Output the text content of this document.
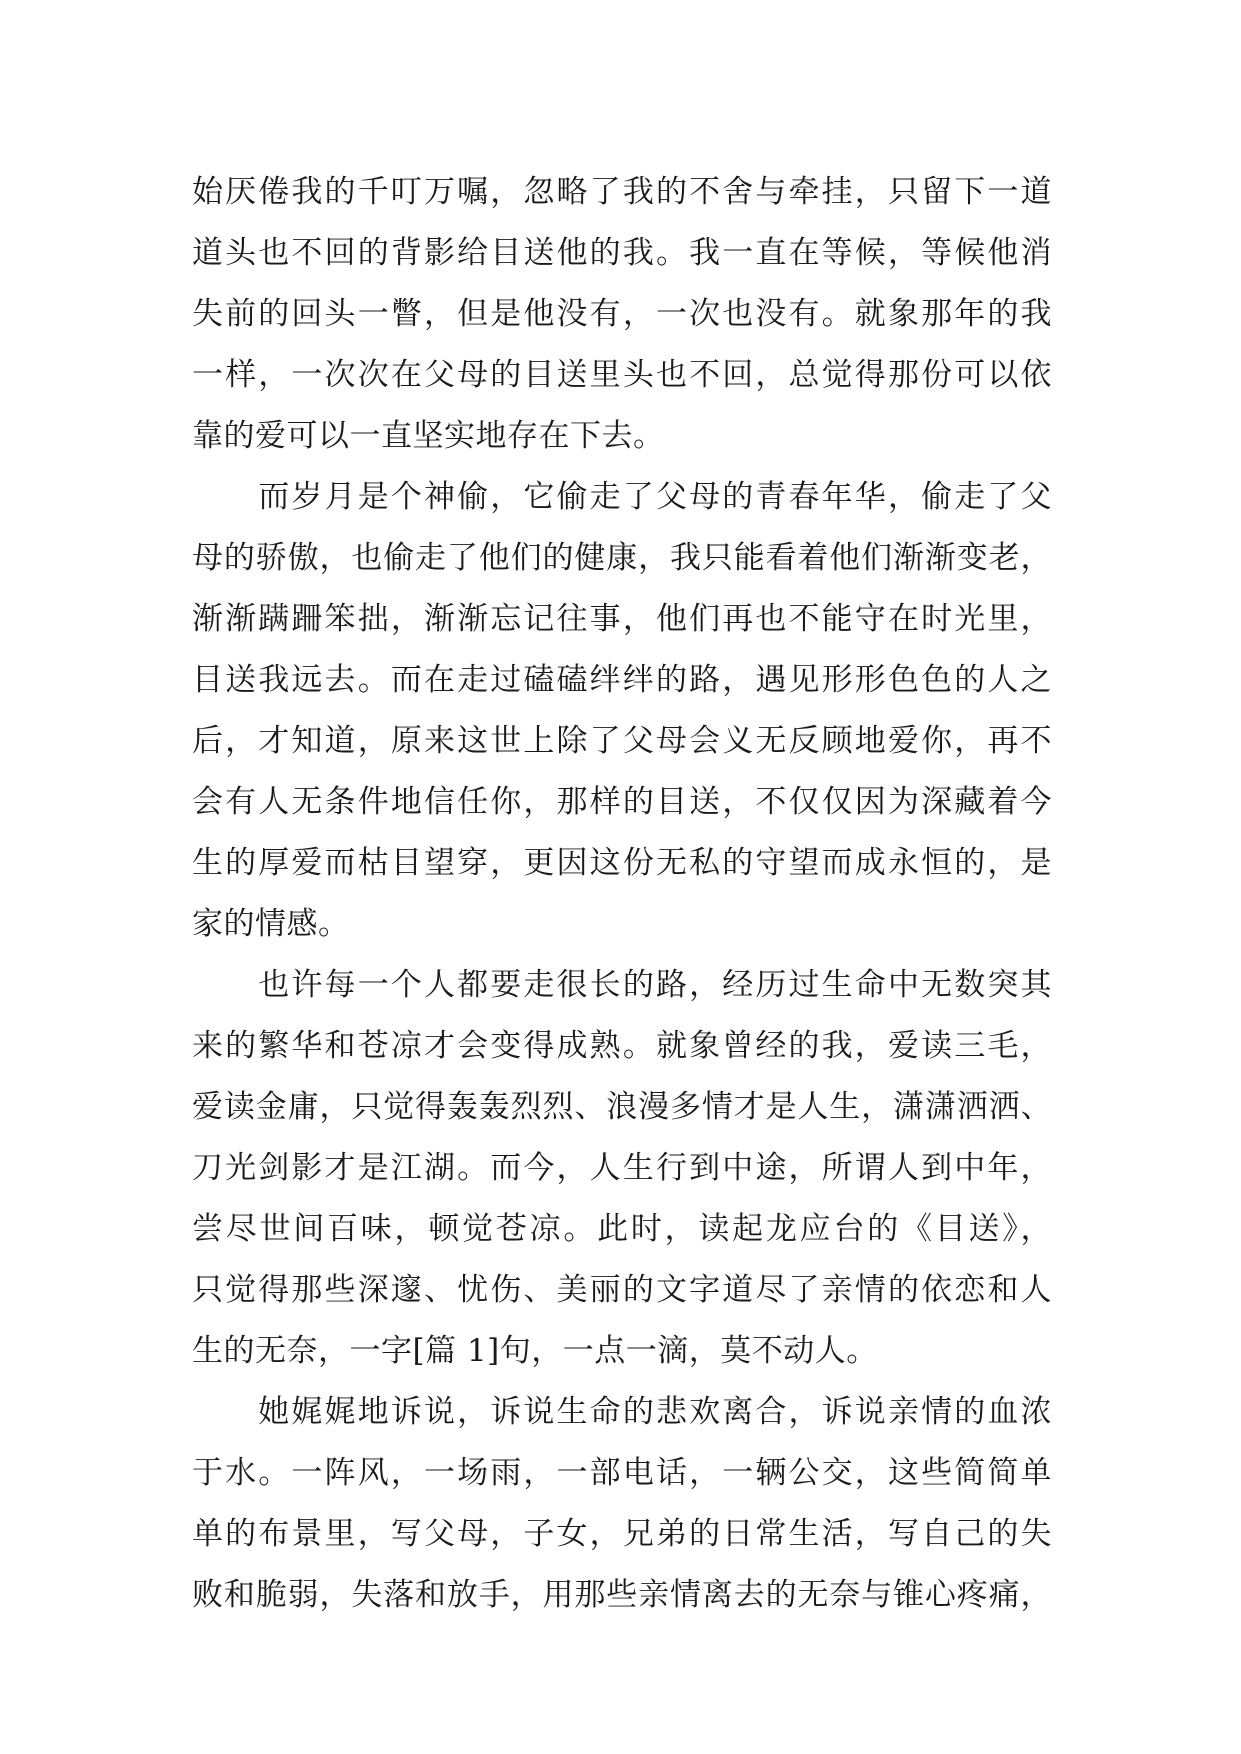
始厌倦我的千叮万嘱，忽略了我的不舍与牵挂，只留下一道
道头也不回的背影给目送他的我。我一直在等候，等候他消
失前的回头一瞥，但是他没有，一次也没有。就象那年的我
一样，一次次在父母的目送里头也不回，总觉得那份可以依
靠的爱可以一直坚实地存在下去。
　　而岁月是个神偷，它偷走了父母的青春年华，偷走了父
母的骄傲，也偷走了他们的健康，我只能看着他们渐渐变老，
渐渐蹒跚笨拙，渐渐忘记往事，他们再也不能守在时光里，
目送我远去。而在走过磕磕绊绊的路，遇见形形色色的人之
后，才知道，原来这世上除了父母会义无反顾地爱你，再不
会有人无条件地信任你，那样的目送，不仅仅因为深藏着今
生的厚爱而枯目望穿，更因这份无私的守望而成永恒的，是
家的情感。
　　也许每一个人都要走很长的路，经历过生命中无数突其
来的繁华和苍凉才会变得成熟。就象曾经的我，爱读三毛，
爱读金庸，只觉得轰轰烈烈、浪漫多情才是人生，潇潇洒洒、
刀光剑影才是江湖。而今，人生行到中途，所谓人到中年，
尝尽世间百味，顿觉苍凉。此时，读起龙应台的《目送》，
只觉得那些深邃、忧伤、美丽的文字道尽了亲情的依恋和人
生的无奈，一字[篇 1]句，一点一滴，莫不动人。
　　她娓娓地诉说，诉说生命的悲欢离合，诉说亲情的血浓
于水。一阵风，一场雨，一部电话，一辆公交，这些简简单
单的布景里，写父母，子女，兄弟的日常生活，写自己的失
败和脆弱，失落和放手，用那些亲情离去的无奈与锥心疼痛，
